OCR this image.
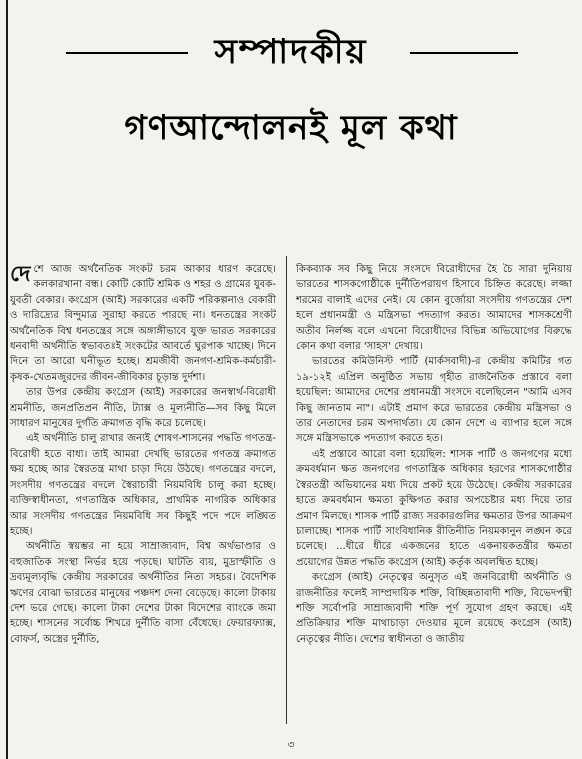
সম্পাদকীয়
গণআন্দোলনই মূল কথা

দেশে আজ অর্থনৈতিক সংকট চরম আকার ধারণ করেছে। কলকারখানা বন্ধ। কোটি কোটি শ্রমিক ও শহর ও গ্রামের যুবক-যুবতী বেকার। কংগ্রেস (আই) সরকারের একটি পরিকল্পনাও বেকারী ও দারিদ্র্যের বিন্দুমাত্র সুরাহা করতে পারছে না। ধনতন্ত্রের সংকট অর্থনৈতিক বিশ্ব ধনতন্ত্রের সঙ্গে অঙ্গাঙ্গীভাবে যুক্ত ভারত সরকারের ধনবাদী অর্থনীতি স্বভাবতঃই সংকটের আবর্তে ঘুরপাক খাচ্ছে। দিনে দিনে তা আরো ঘনীভূত হচ্ছে। শ্রমজীবী জনগণ-শ্রমিক-কর্মচারী-কৃষক-খেতমজুরদের জীবন-জীবিকার চূড়ান্ত দুর্দশা।

তার উপর কেন্দ্রীয় কংগ্রেস (আই) সরকারের জনস্বার্থ-বিরোধী শ্রমনীতি, জনপ্রতিপ্রন নীতি, ট্যাক্স ও মূল্যনীতি—সব কিছু মিলে সাধারণ মানুষের দুর্গতি ক্রমাগত বৃদ্ধি করে চলেছে।

এই অর্থনীতি চালু রাখার জন্যই শোষণ-শাসনের পদ্ধতি গণতন্ত্র-বিরোধী হতে বাধ্য। তাই আমরা দেখছি ভারতের গণতন্ত্র ক্রমাগত ক্ষয় হচ্ছে আর স্বৈরতন্ত্র মাথা চাড়া দিয়ে উঠছে। গণতন্ত্রের বদলে, সংসদীয় গণতন্ত্রের বদলে স্বৈরাচারী নিয়মবিধি চালু করা হচ্ছে। ব্যক্তিস্বাধীনতা, গণতান্ত্রিক অধিকার, প্রাথমিক নাগরিক অধিকার আর সংসদীয় গণতন্ত্রের নিয়মবিধি সব কিছুই পদে পদে লঙ্ঘিত হচ্ছে।

অর্থনীতি স্বয়ম্ভর না হয়ে সাম্রাজ্যবাদ, বিশ্ব অর্থভাণ্ডার ও বহুজাতিক সংস্থা নির্ভর হয়ে পড়ছে। ঘাটতি ব্যয়, মুদ্রাস্ফীতি ও দ্রব্যমূল্যবৃদ্ধি কেন্দ্রীয় সরকারের অর্থনীতির নিত্য সহচর। বৈদেশিক ঋণের বোঝা ভারতের মানুষের পঞ্চদশ দেনা বেড়েছে। কালো টাকায় দেশ ভরে গেছে। কালো টাকা দেশের টাকা বিদেশের ব্যাংকে জমা হচ্ছে। শাসনের সর্বোচ্চ শিখরে দুর্নীতি বাসা বেঁধেছে। ফেয়ারফ্যাক্স, বোফর্স, অস্ত্রের দুর্নীতি,

কিকব্যাক সব কিছু নিয়ে সংসদে বিরোধীদের হৈ চৈ সারা দুনিয়ায় ভারতের শাসকগোষ্ঠীকে দুর্নীতিপরায়ণ হিসাবে চিহ্নিত করেছে। লজ্জা শরমের বালাই এদের নেই। যে কোন বুর্জোয়া সংসদীয় গণতন্ত্রের দেশ হলে প্রধানমন্ত্রী ও মন্ত্রিসভা পদত্যাগ করত। আমাদের শাসকশ্রেণী অতীব নির্লজ্জ বলে এখনো বিরোধীদের বিভিন্ন অভিযোগের বিরুদ্ধে কোন কথা বলার 'সাহস' দেখায়।

ভারতের কমিউনিস্ট পার্টি (মার্কসবাদী)-র কেন্দ্রীয় কমিটির গত ১৯-১২ই এপ্রিল অনুষ্ঠিত সভায় গৃহীত রাজনৈতিক প্রস্তাবে বলা হয়েছিল: আমাদের দেশের প্রধানমন্ত্রী সংসদে বলেছিলেন "আমি এসব কিছু জানতাম না"। এটাই প্রমাণ করে ভারতের কেন্দ্রীয় মন্ত্রিসভা ও তার নেতাদের চরম অপদার্থতা। যে কোন দেশে এ ব্যাপার হলে সঙ্গে সঙ্গে মন্ত্রিসভাকে পদত্যাগ করতে হত।

এই প্রস্তাবে আরো বলা হয়েছিল: শাসক পার্টি ও জনগণের মধ্যে ক্রমবর্ধমান ক্ষত জনগণের গণতান্ত্রিক অধিকার হরণের শাসকগোষ্ঠীর স্বৈরতন্ত্রী অভিযানের মধ্য দিয়ে প্রকট হয়ে উঠেছে। কেন্দ্রীয় সরকারের হাতে ক্রমবর্ধমান ক্ষমতা কুক্ষিগত করার অপচেষ্টার মধ্য দিয়ে তার প্রমাণ মিলছে। শাসক পার্টি রাজ্য সরকারগুলির ক্ষমতার উপর আক্রমণ চালাচ্ছে। শাসক পার্টি সাংবিধানিক রীতিনীতি নিয়মকানুন লঙ্ঘন করে চলেছে। ...ধীরে ধীরে একজনের হাতে একনায়কতন্ত্রীর ক্ষমতা প্রয়োগের উন্নত পদ্ধতি কংগ্রেস (আই) কর্তৃক অবলম্বিত হচ্ছে।

কংগ্রেস (আই) নেতৃত্বের অনুসৃত এই জনবিরোধী অর্থনীতি ও রাজনীতির ফলেই সাম্প্রদায়িক শক্তি, বিচ্ছিন্নতাবাদী শক্তি, বিভেদপন্থী শক্তি সর্বোপরি সাম্রাজ্যবাদী শক্তি পূর্ণ সুযোগ গ্রহণ করছে। এই প্রতিক্রিয়ার শক্তি মাথাচাড়া দেওয়ার মূলে রয়েছে কংগ্রেস (আই) নেতৃত্বের নীতি। দেশের স্বাধীনতা ও জাতীয়

৩
